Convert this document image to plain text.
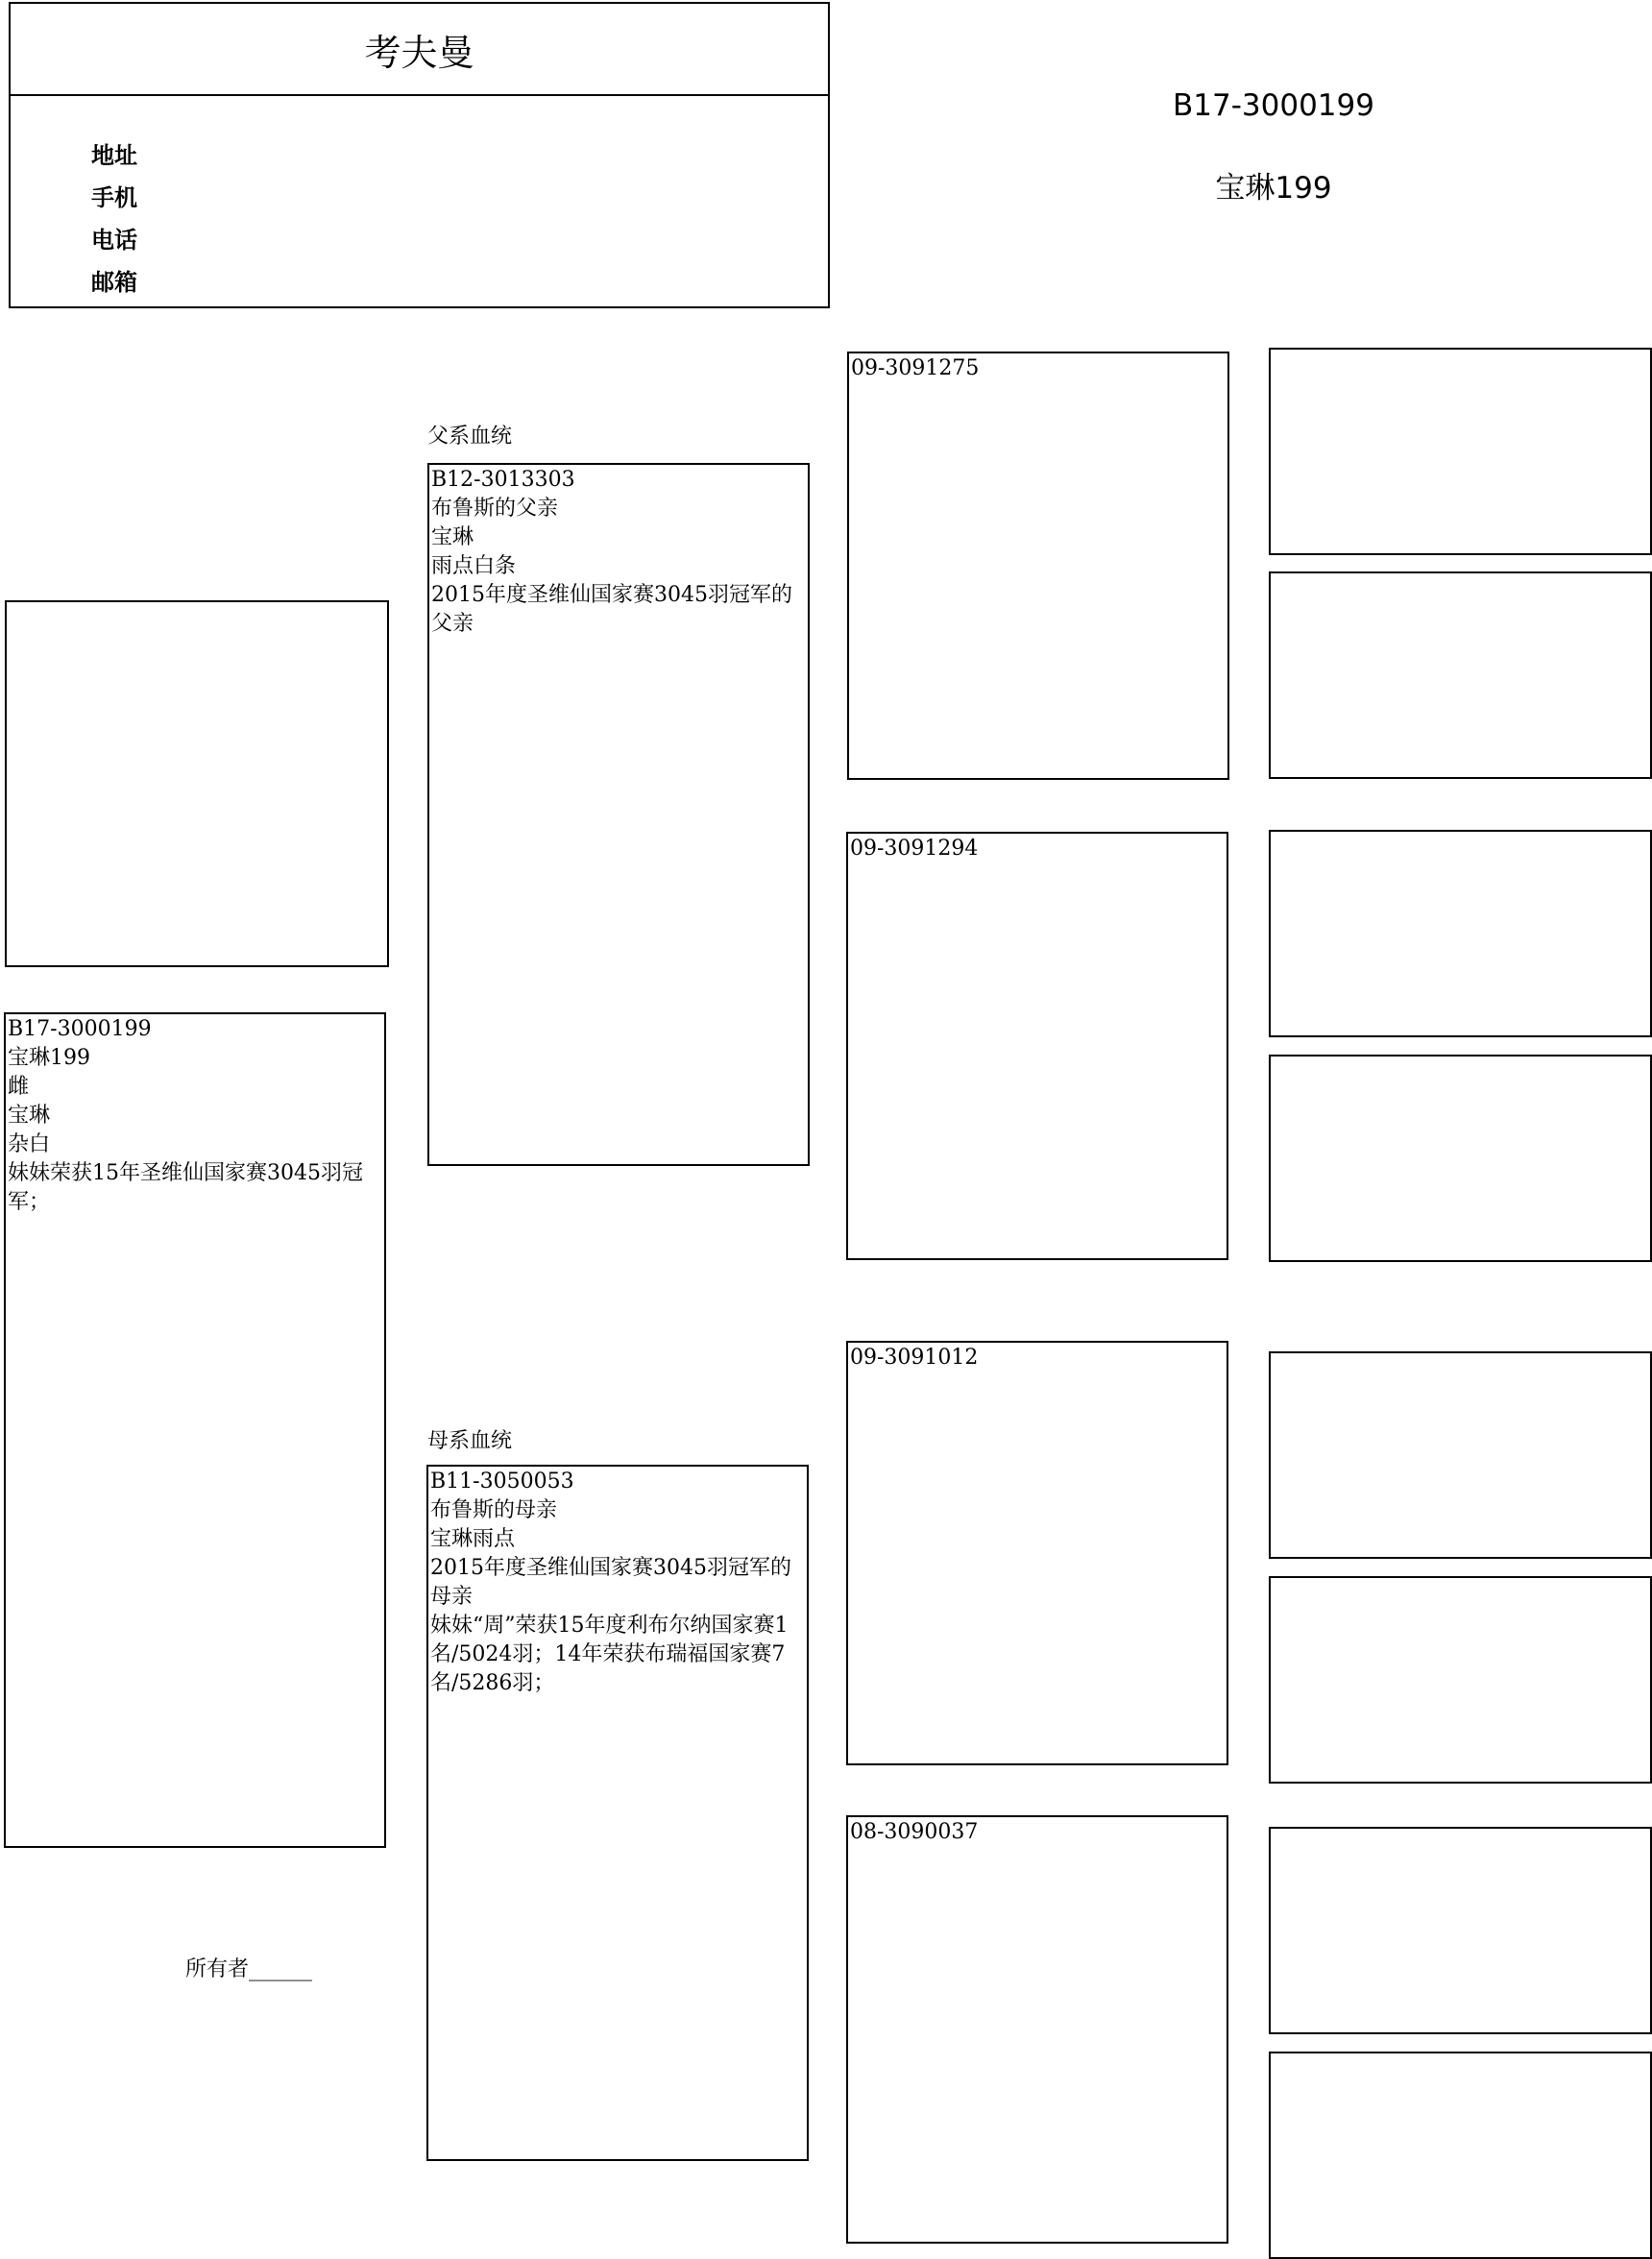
考夫曼
地址
手机
电话
邮箱
B17-3000199
宝琳199
B17-3000199
宝琳199
雌
宝琳
杂白
妹妹荣获15年圣维仙国家赛3045羽冠军；
所有者______
父系血统
B12-3013303
布鲁斯的父亲
宝琳
雨点白条
2015年度圣维仙国家赛3045羽冠军的父亲
母系血统
B11-3050053
布鲁斯的母亲
宝琳雨点
2015年度圣维仙国家赛3045羽冠军的母亲
妹妹“周”荣获15年度利布尔纳国家赛1名/5024羽；14年荣获布瑞福国家赛7名/5286羽；
09-3091275
09-3091294
09-3091012
08-3090037
